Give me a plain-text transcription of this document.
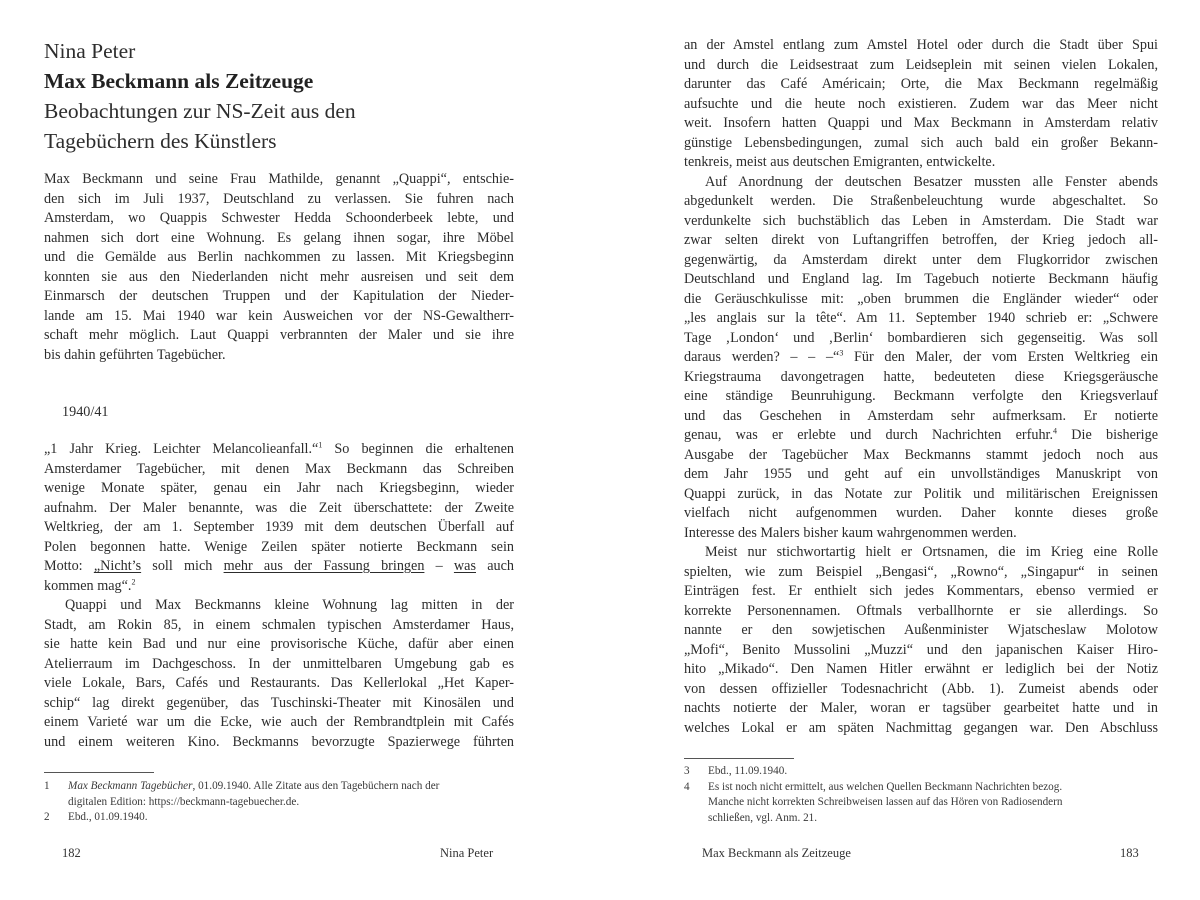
Nina Peter
Max Beckmann als Zeitzeuge
Beobachtungen zur NS-Zeit aus den
Tagebüchern des Künstlers
Max Beckmann und seine Frau Mathilde, genannt „Quappi“, entschie-
den sich im Juli 1937, Deutschland zu verlassen. Sie fuhren nach
Amsterdam, wo Quappis Schwester Hedda Schoonderbeek lebte, und
nahmen sich dort eine Wohnung. Es gelang ihnen sogar, ihre Möbel
und die Gemälde aus Berlin nachkommen zu lassen. Mit Kriegsbeginn
konnten sie aus den Niederlanden nicht mehr ausreisen und seit dem
Einmarsch der deutschen Truppen und der Kapitulation der Nieder-
lande am 15. Mai 1940 war kein Ausweichen vor der NS-Gewaltherr-
schaft mehr möglich. Laut Quappi verbrannten der Maler und sie ihre
bis dahin geführten Tagebücher.
1940/41
„1 Jahr Krieg. Leichter Melancolieanfall.“$^1$ So beginnen die erhaltenen
Amsterdamer Tagebücher, mit denen Max Beckmann das Schreiben
wenige Monate später, genau ein Jahr nach Kriegsbeginn, wieder
aufnahm. Der Maler benannte, was die Zeit überschattete: der Zweite
Weltkrieg, der am 1. September 1939 mit dem deutschen Überfall auf
Polen begonnen hatte. Wenige Zeilen später notierte Beckmann sein
Motto: „Nicht’s soll mich mehr aus der Fassung bringen – was auch
kommen mag“.$^2$
Quappi und Max Beckmanns kleine Wohnung lag mitten in der
Stadt, am Rokin 85, in einem schmalen typischen Amsterdamer Haus,
sie hatte kein Bad und nur eine provisorische Küche, dafür aber einen
Atelierraum im Dachgeschoss. In der unmittelbaren Umgebung gab es
viele Lokale, Bars, Cafés und Restaurants. Das Kellerlokal „Het Kaper-
schip“ lag direkt gegenüber, das Tuschinski-Theater mit Kinosälen und
einem Varieté war um die Ecke, wie auch der Rembrandtplein mit Cafés
und einem weiteren Kino. Beckmanns bevorzugte Spazierwege führten
1 Max Beckmann Tagebücher, 01.09.1940. Alle Zitate aus den Tagebüchern nach der
digitalen Edition: https://beckmann-tagebuecher.de.
2 Ebd., 01.09.1940.
182	Nina Peter
an der Amstel entlang zum Amstel Hotel oder durch die Stadt über Spui
und durch die Leidsestraat zum Leidseplein mit seinen vielen Lokalen,
darunter das Café Américain; Orte, die Max Beckmann regelmäßig
aufsuchte und die heute noch existieren. Zudem war das Meer nicht
weit. Insofern hatten Quappi und Max Beckmann in Amsterdam relativ
günstige Lebensbedingungen, zumal sich auch bald ein großer Bekann-
tenkreis, meist aus deutschen Emigranten, entwickelte.
Auf Anordnung der deutschen Besatzer mussten alle Fenster abends
abgedunkelt werden. Die Straßenbeleuchtung wurde abgeschaltet. So
verdunkelte sich buchstäblich das Leben in Amsterdam. Die Stadt war
zwar selten direkt von Luftangriffen betroffen, der Krieg jedoch all-
gegenwärtig, da Amsterdam direkt unter dem Flugkorridor zwischen
Deutschland und England lag. Im Tagebuch notierte Beckmann häufig
die Geräuschkulisse mit: „oben brummen die Engländer wieder“ oder
„les anglais sur la tête“. Am 11. September 1940 schrieb er: „Schwere
Tage ‚London‘ und ‚Berlin‘ bombardieren sich gegenseitig. Was soll
daraus werden? – – –“$^3$ Für den Maler, der vom Ersten Weltkrieg ein
Kriegstrauma davongetragen hatte, bedeuteten diese Kriegsgeräusche
eine ständige Beunruhigung. Beckmann verfolgte den Kriegsverlauf
und das Geschehen in Amsterdam sehr aufmerksam. Er notierte
genau, was er erlebte und durch Nachrichten erfuhr.$^4$ Die bisherige
Ausgabe der Tagebücher Max Beckmanns stammt jedoch noch aus
dem Jahr 1955 und geht auf ein unvollständiges Manuskript von
Quappi zurück, in das Notate zur Politik und militärischen Ereignissen
vielfach nicht aufgenommen wurden. Daher konnte dieses große
Interesse des Malers bisher kaum wahrgenommen werden.
Meist nur stichwortartig hielt er Ortsnamen, die im Krieg eine Rolle
spielten, wie zum Beispiel „Bengasi“, „Rowno“, „Singapur“ in seinen
Einträgen fest. Er enthielt sich jedes Kommentars, ebenso vermied er
korrekte Personennamen. Oftmals verballhornte er sie allerdings. So
nannte er den sowjetischen Außenminister Wjatscheslaw Molotow
„Mofi“, Benito Mussolini „Muzzi“ und den japanischen Kaiser Hiro-
hito „Mikado“. Den Namen Hitler erwähnt er lediglich bei der Notiz
von dessen offizieller Todesnachricht (Abb. 1). Zumeist abends oder
nachts notierte der Maler, woran er tagsüber gearbeitet hatte und in
welches Lokal er am späten Nachmittag gegangen war. Den Abschluss
3 Ebd., 11.09.1940.
4 Es ist noch nicht ermittelt, aus welchen Quellen Beckmann Nachrichten bezog.
Manche nicht korrekten Schreibweisen lassen auf das Hören von Radiosendern
schließen, vgl. Anm. 21.
Max Beckmann als Zeitzeuge	183
